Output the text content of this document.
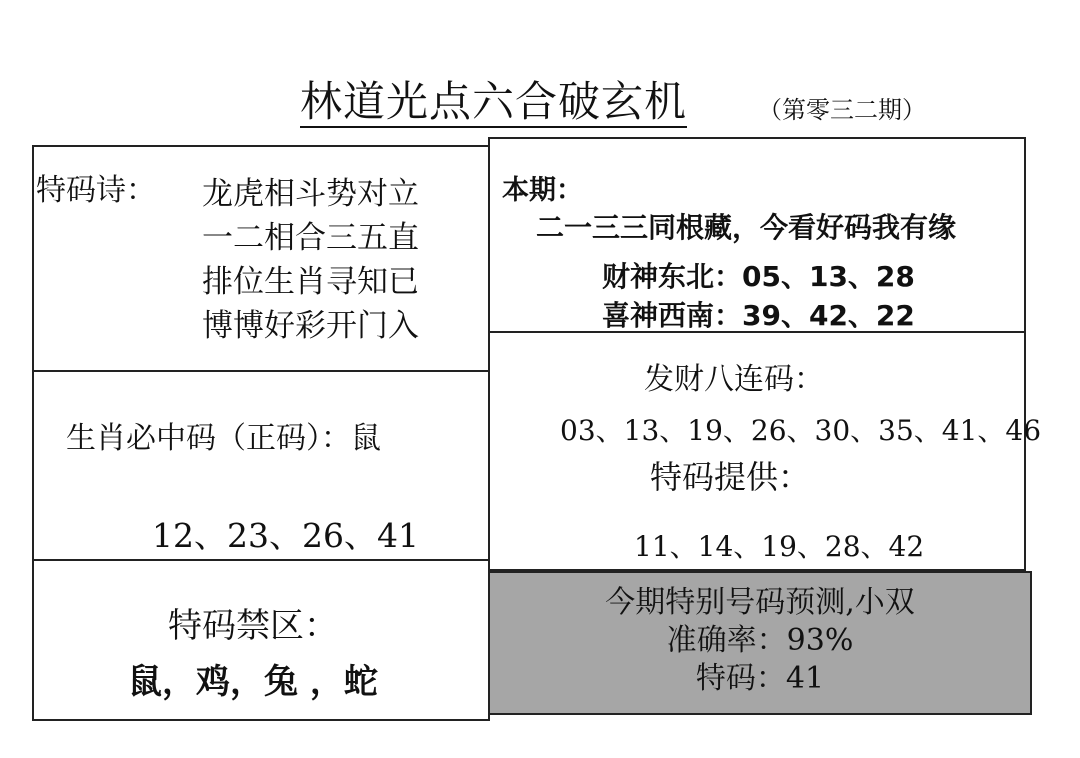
林道光点六合破玄机	（第零三二期）
特码诗： 龙虎相斗势对立
一二相合三五直
排位生肖寻知已
博博好彩开门入
本期：
二一三三同根藏，今看好码我有缘
财神东北：05、13、28
喜神西南：39、42、22
生肖必中码（正码）：鼠
12、23、26、41
发财八连码：
03、13、19、26、30、35、41、46
特码提供：
11、14、19、28、42
特码禁区：
鼠，鸡，兔 ，蛇
今期特别号码预测,小双
准确率：93%
特码：41
